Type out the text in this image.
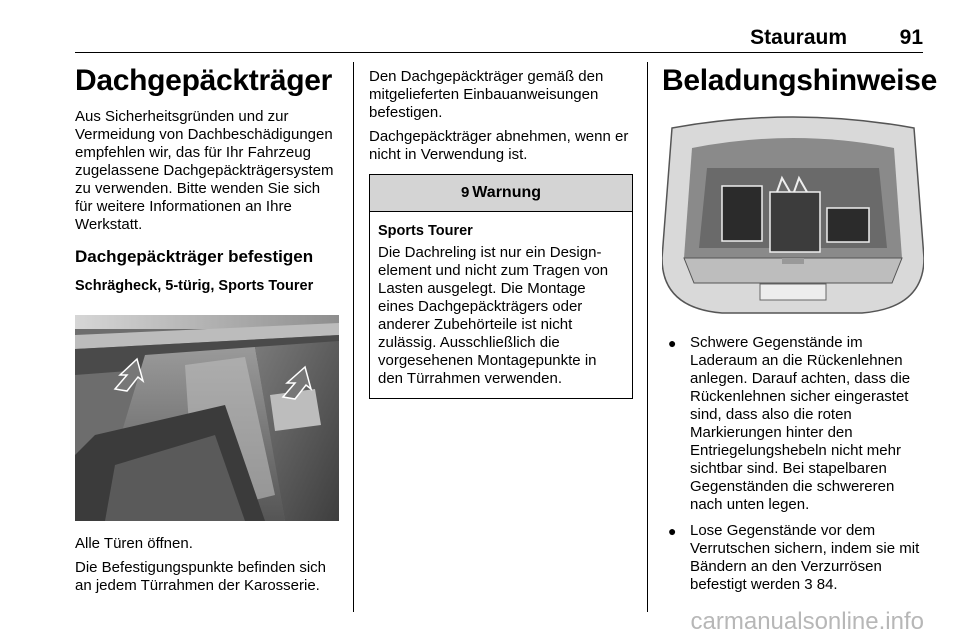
Stauraum	91
Dachgepäckträger

Aus Sicherheitsgründen und zur Vermeidung von Dachbeschädigungen empfehlen wir, das für Ihr Fahrzeug zugelassene Dachgepäckträgersystem zu verwenden. Bitte wenden Sie sich für weitere Informationen an Ihre Werkstatt.

Dachgepäckträger befestigen
Schrägheck, 5-türig, Sports Tourer

Alle Türen öffnen.

Die Befestigungspunkte befinden sich an jedem Türrahmen der Karosserie.

Den Dachgepäckträger gemäß den mitgelieferten Einbauanweisungen befestigen.

Dachgepäckträger abnehmen, wenn er nicht in Verwendung ist.

9 Warnung
Sports Tourer

Die Dachreling ist nur ein Design-element und nicht zum Tragen von Lasten ausgelegt. Die Montage eines Dachgepäckträgers oder anderer Zubehörteile ist nicht zulässig. Ausschließlich die vorgesehenen Montagepunkte in den Türrahmen verwenden.

Beladungshinweise
● Schwere Gegenstände im Laderaum an die Rückenlehnen anlegen. Darauf achten, dass die Rückenlehnen sicher eingerastet sind, dass also die roten Markierungen hinter den Entriegelungshebeln nicht mehr sichtbar sind. Bei stapelbaren Gegenständen die schwereren nach unten legen.
● Lose Gegenstände vor dem Verrutschen sichern, indem sie mit Bändern an den Verzurrösen befestigt werden 3 84.
carmanualsonline.info
